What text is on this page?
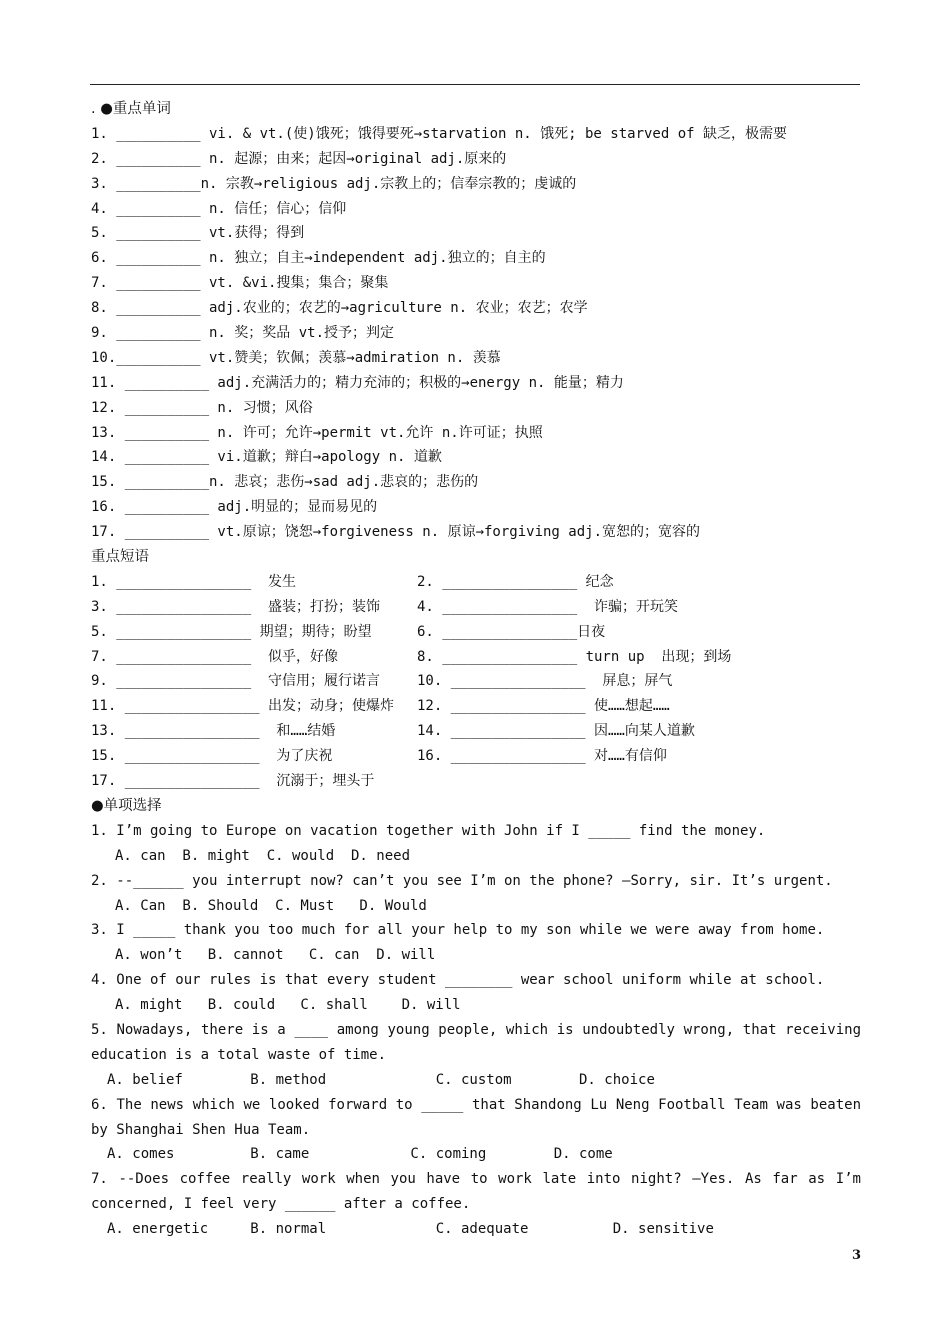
. ●重点单词
1. __________ vi. & vt.(使)饿死；饿得要死→starvation n. 饿死; be starved of 缺乏，极需要
2. __________ n. 起源；由来；起因→original adj.原来的
3. __________n. 宗教→religious adj.宗教上的；信奉宗教的；虔诚的
4. __________ n. 信任；信心；信仰
5. __________ vt.获得；得到
6. __________ n. 独立；自主→independent adj.独立的；自主的
7. __________ vt. &vi.搜集；集合；聚集
8. __________ adj.农业的；农艺的→agriculture n. 农业；农艺；农学
9. __________ n. 奖；奖品 vt.授予；判定
10.__________ vt.赞美；钦佩；羡慕→admiration n. 羡慕
11. __________ adj.充满活力的；精力充沛的；积极的→energy n. 能量；精力
12. __________ n. 习惯；风俗
13. __________ n. 许可；允许→permit vt.允许 n.许可证；执照
14. __________ vi.道歉；辩白→apology n. 道歉
15. __________n. 悲哀；悲伤→sad adj.悲哀的；悲伤的
16. __________ adj.明显的；显而易见的
17. __________ vt.原谅；饶恕→forgiveness n. 原谅→forgiving adj.宽恕的；宽容的
重点短语
1. ________________  发生	2. ________________ 纪念
3. ________________  盛装；打扮；装饰	4. ________________  诈骗；开玩笑
5. ________________ 期望；期待；盼望	6. ________________日夜
7. ________________  似乎，好像	8. ________________ turn up  出现；到场
9. ________________  守信用；履行诺言	10. ________________  屏息；屏气
11. ________________ 出发；动身；使爆炸 12. ________________ 使……想起……
13. ________________  和……结婚	14. ________________ 因……向某人道歉
15. ________________  为了庆祝	16. ________________ 对……有信仰
17. ________________  沉溺于；埋头于
●单项选择
1. I’m going to Europe on vacation together with John if I _____ find the money.
A. can  B. might  C. would  D. need
2. --______ you interrupt now? can’t you see I’m on the phone? –Sorry, sir. It’s urgent.
A. Can  B. Should  C. Must   D. Would
3. I _____ thank you too much for all your help to my son while we were away from home.
A. won’t   B. cannot   C. can  D. will
4. One of our rules is that every student ________ wear school uniform while at school.
A. might   B. could   C. shall    D. will
5. Nowadays, there is a ____ among young people, which is undoubtedly wrong, that receiving
education is a total waste of time.
A. belief        B. method             C. custom        D. choice
6. The news which we looked forward to _____ that Shandong Lu Neng Football Team was beaten
by Shanghai Shen Hua Team.
A. comes         B. came            C. coming        D. come
7. --Does coffee really work when you have to work late into night? –Yes. As far as I’m
concerned, I feel very ______ after a coffee.
A. energetic     B. normal             C. adequate          D. sensitive
3
